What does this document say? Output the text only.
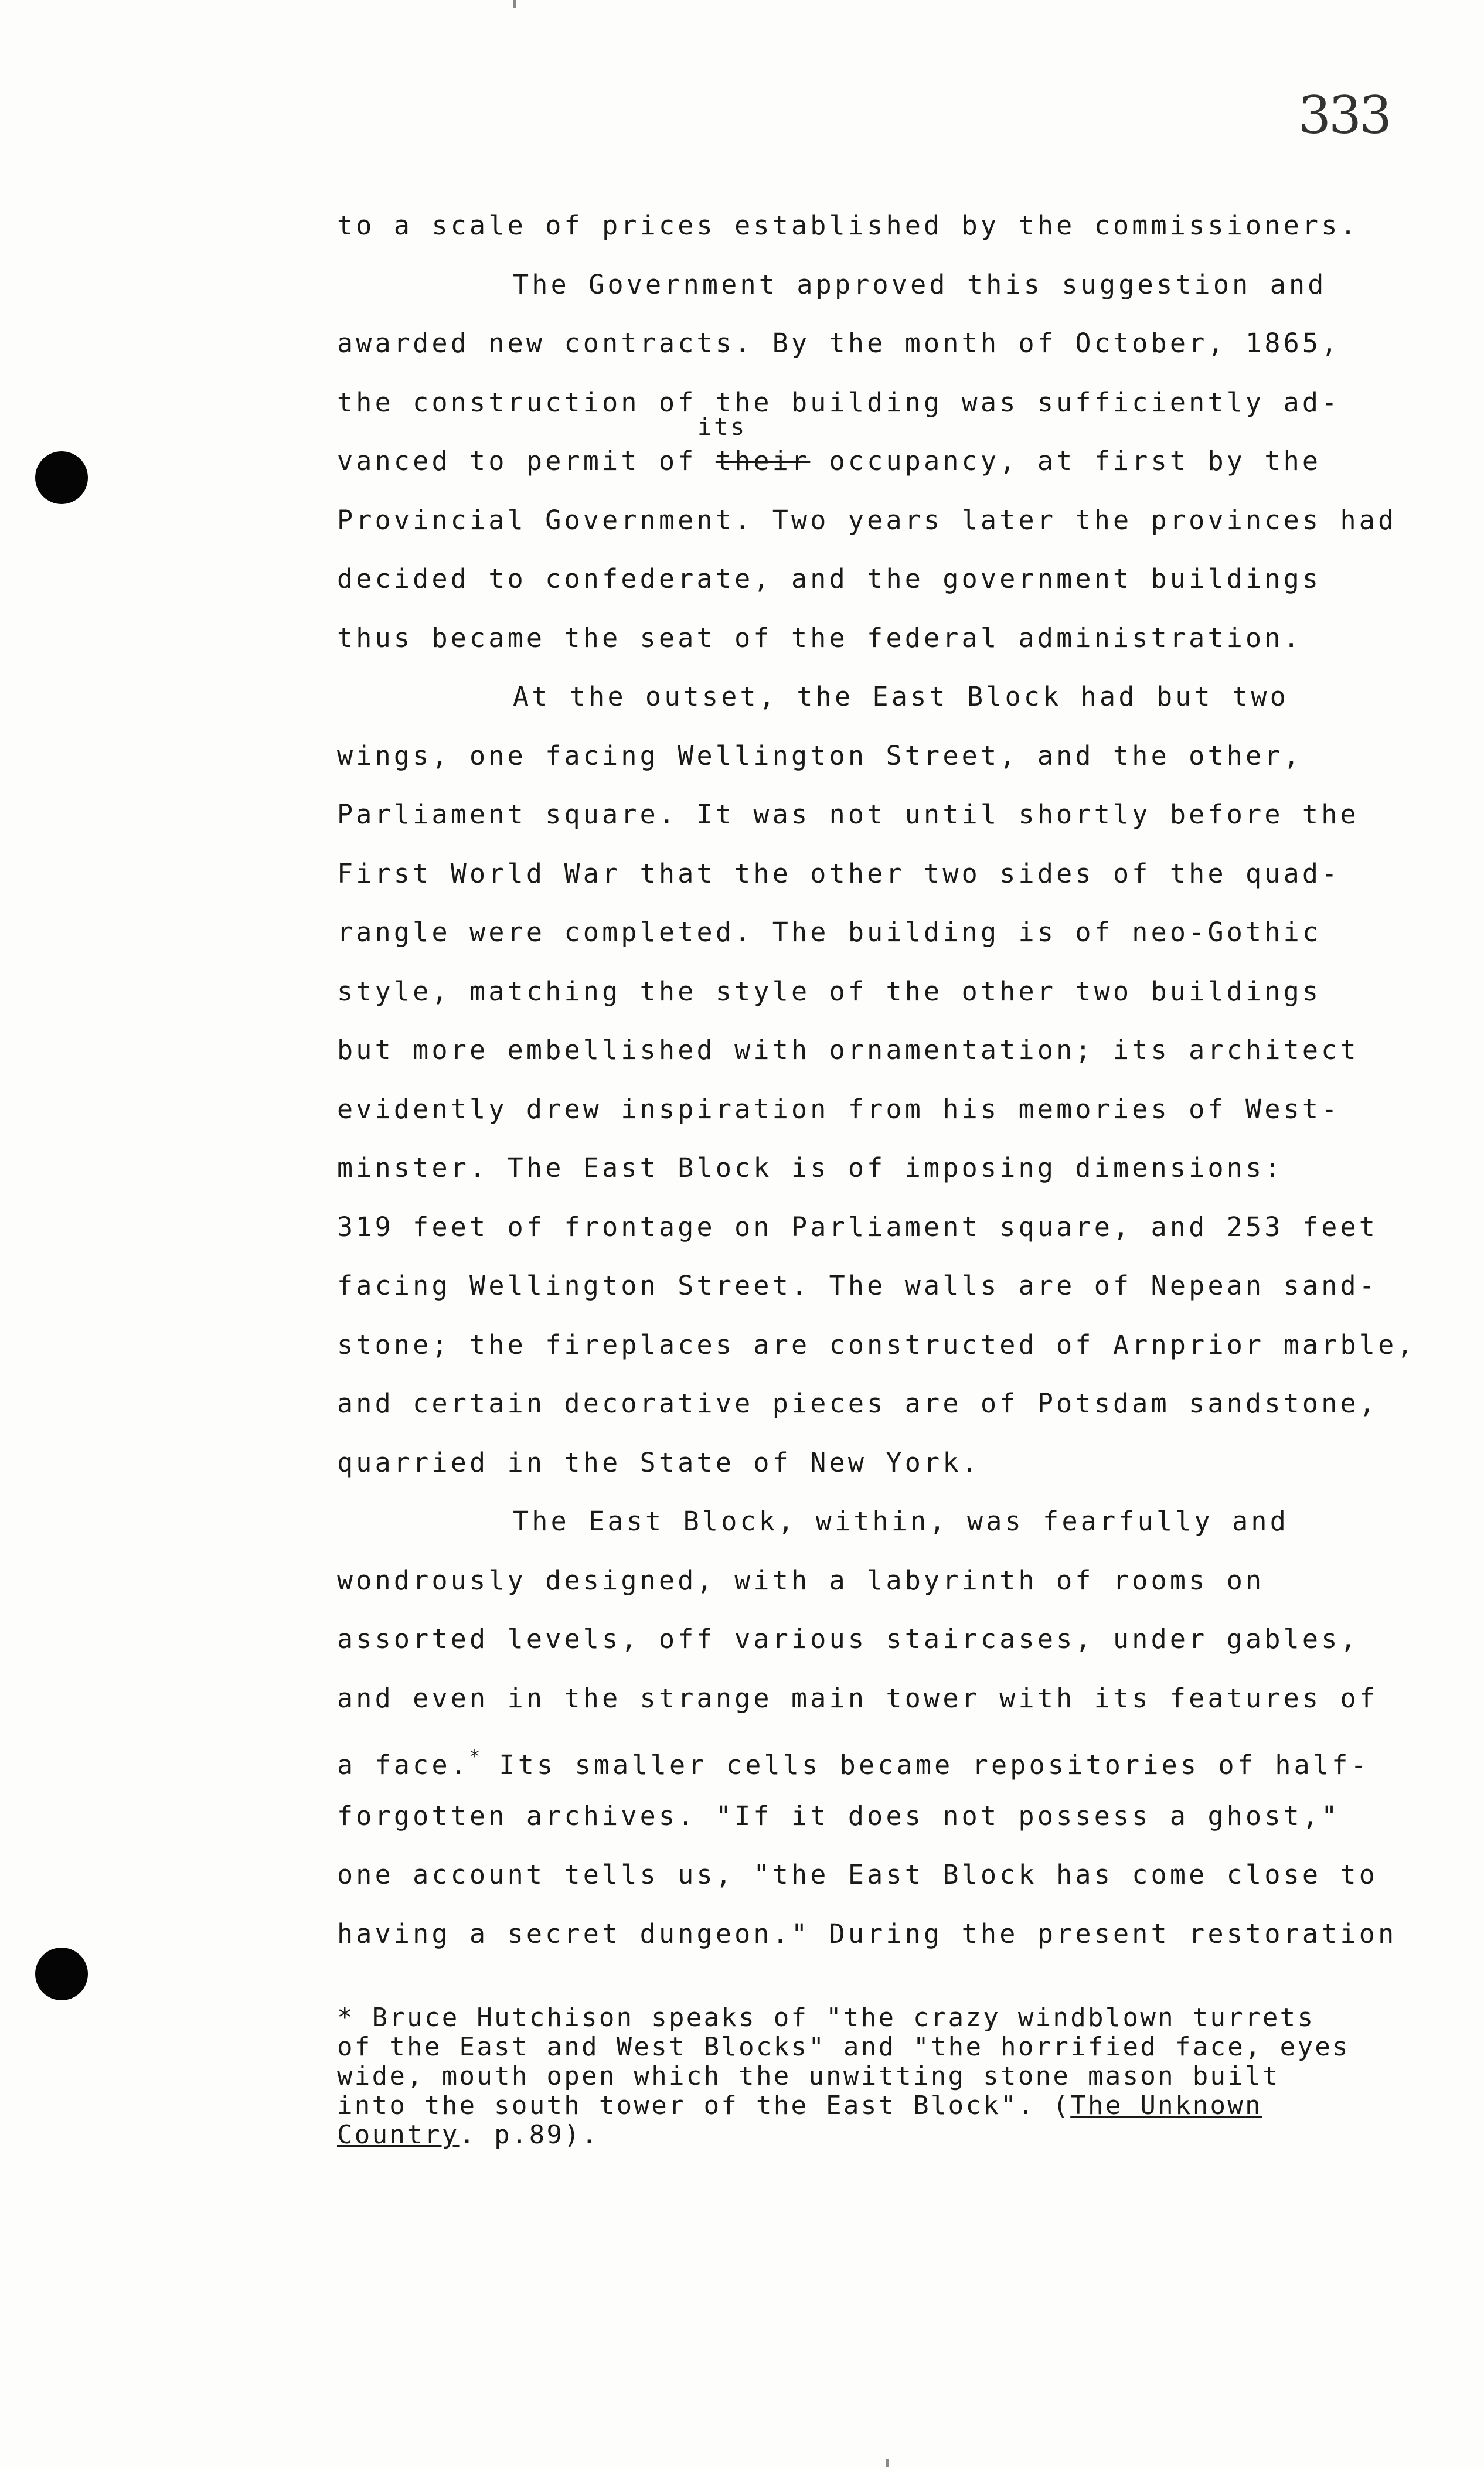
333
to a scale of prices established by the commissioners.
The Government approved this suggestion and
awarded new contracts. By the month of October, 1865,
the construction of the building was sufficiently ad-
vanced to permit of their occupancy, at first by the
its
Provincial Government. Two years later the provinces had
decided to confederate, and the government buildings
thus became the seat of the federal administration.
At the outset, the East Block had but two
wings, one facing Wellington Street, and the other,
Parliament square. It was not until shortly before the
First World War that the other two sides of the quad-
rangle were completed. The building is of neo-Gothic
style, matching the style of the other two buildings
but more embellished with ornamentation; its architect
evidently drew inspiration from his memories of West-
minster. The East Block is of imposing dimensions:
319 feet of frontage on Parliament square, and 253 feet
facing Wellington Street. The walls are of Nepean sand-
stone; the fireplaces are constructed of Arnprior marble,
and certain decorative pieces are of Potsdam sandstone,
quarried in the State of New York.
The East Block, within, was fearfully and
wondrously designed, with a labyrinth of rooms on
assorted levels, off various staircases, under gables,
and even in the strange main tower with its features of
a face.* Its smaller cells became repositories of half-
forgotten archives. "If it does not possess a ghost,"
one account tells us, "the East Block has come close to
having a secret dungeon." During the present restoration
* Bruce Hutchison speaks of "the crazy windblown turrets
of the East and West Blocks" and "the horrified face, eyes
wide, mouth open which the unwitting stone mason built
into the south tower of the East Block". (The Unknown
Country. p.89).
